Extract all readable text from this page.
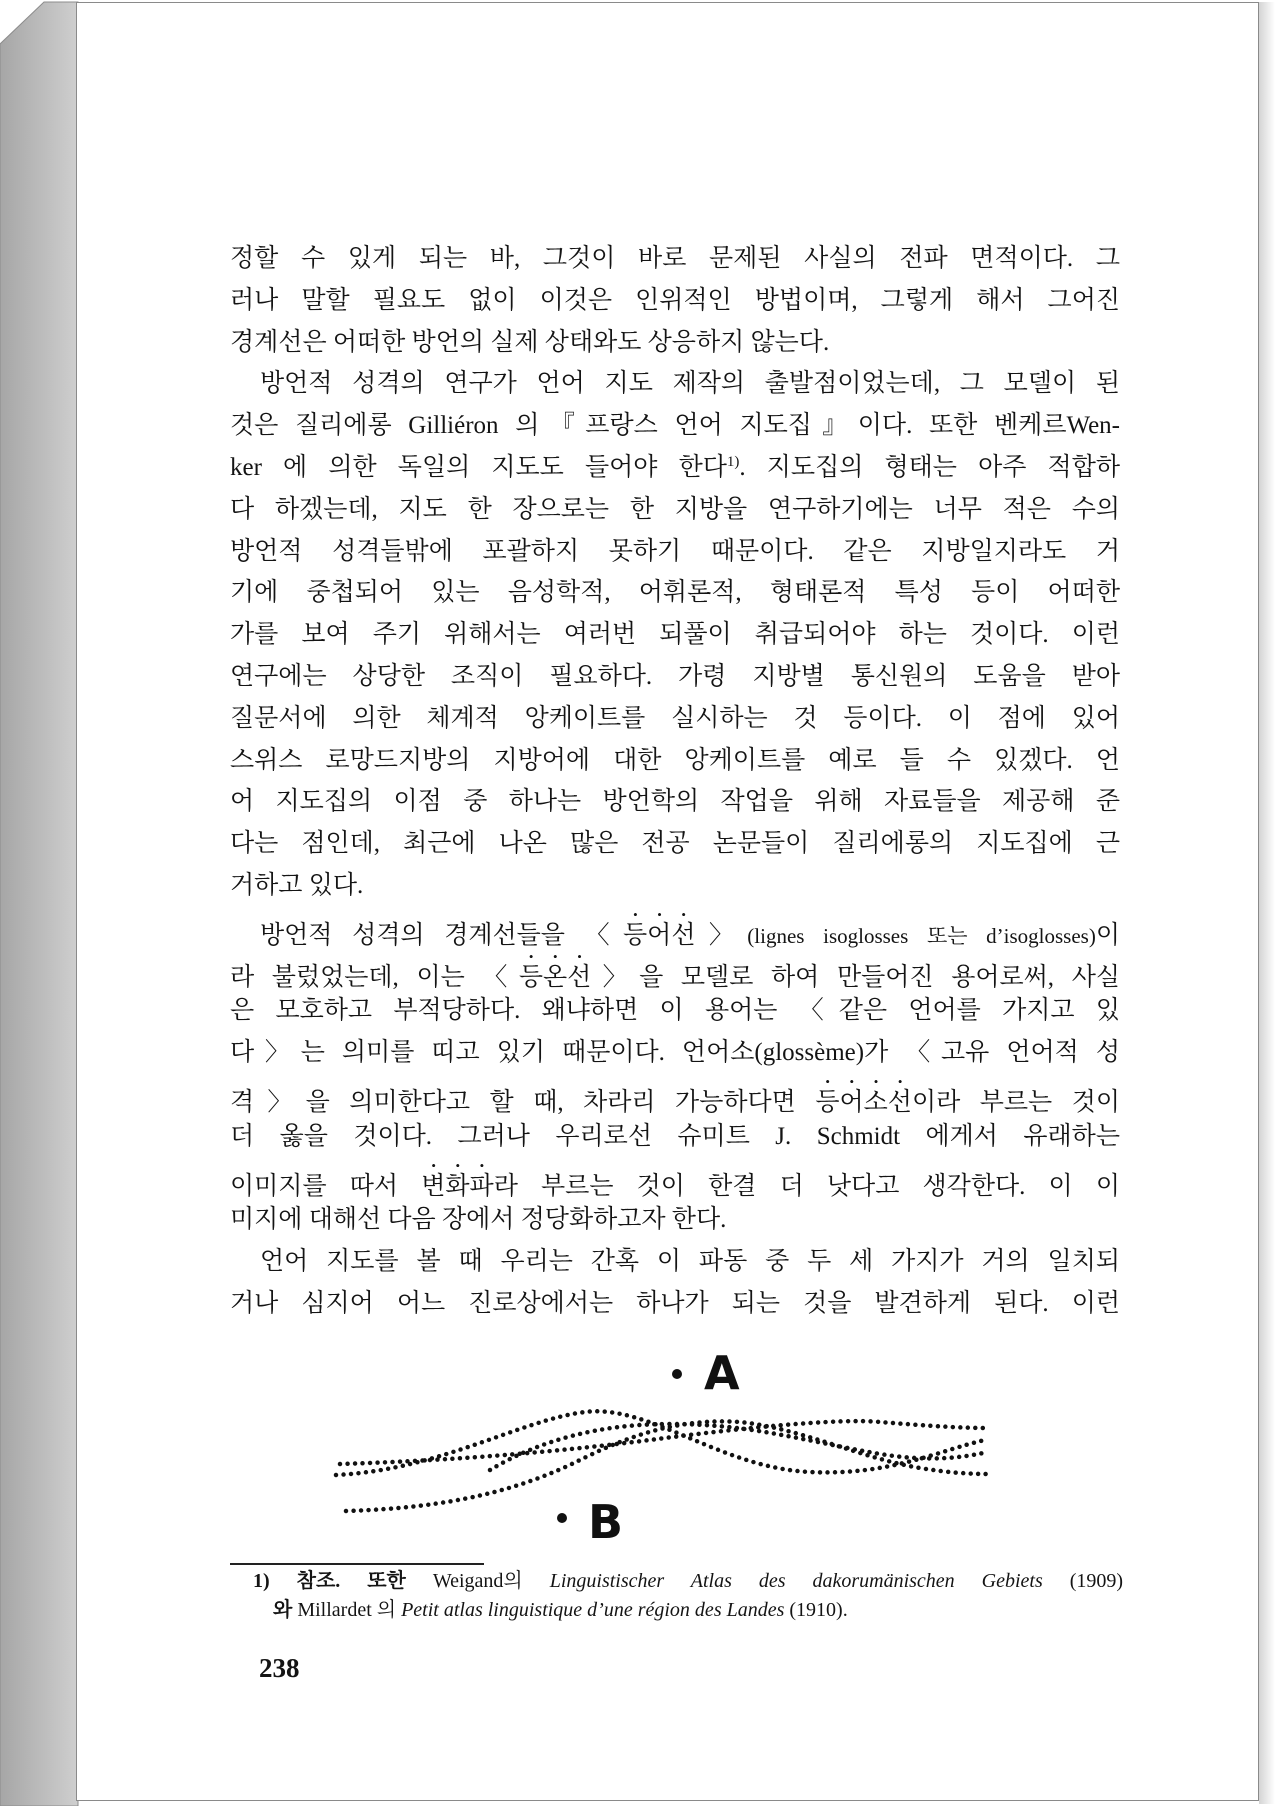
정할 수 있게 되는 바, 그것이 바로 문제된 사실의 전파 면적이다. 그
러나 말할 필요도 없이 이것은 인위적인 방법이며, 그렇게 해서 그어진
경계선은 어떠한 방언의 실제 상태와도 상응하지 않는다.
방언적 성격의 연구가 언어 지도 제작의 출발점이었는데, 그 모델이 된
것은 질리에롱 Gilliéron 의『프랑스 언어 지도집』이다. 또한 벤케르Wen-
ker 에 의한 독일의 지도도 들어야 한다$^{1)}$. 지도집의 형태는 아주 적합하
다 하겠는데, 지도 한 장으로는 한 지방을 연구하기에는 너무 적은 수의
방언적 성격들밖에 포괄하지 못하기 때문이다. 같은 지방일지라도 거
기에 중첩되어 있는 음성학적, 어휘론적, 형태론적 특성 등이 어떠한
가를 보여 주기 위해서는 여러번 되풀이 취급되어야 하는 것이다. 이런
연구에는 상당한 조직이 필요하다. 가령 지방별 통신원의 도움을 받아
질문서에 의한 체계적 앙케이트를 실시하는 것 등이다. 이 점에 있어
스위스 로망드지방의 지방어에 대한 앙케이트를 예로 들 수 있겠다. 언
어 지도집의 이점 중 하나는 방언학의 작업을 위해 자료들을 제공해 준
다는 점인데, 최근에 나온 많은 전공 논문들이 질리에롱의 지도집에 근
거하고 있다.
방언적 성격의 경계선들을 〈등어선〉(lignes isoglosses 또는 d’isoglosses)이
라 불렀었는데, 이는 〈등온선〉을 모델로 하여 만들어진 용어로써, 사실
은 모호하고 부적당하다. 왜냐하면 이 용어는 〈같은 언어를 가지고 있
다〉는 의미를 띠고 있기 때문이다. 언어소(glossème)가 〈고유 언어적 성
격〉을 의미한다고 할 때, 차라리 가능하다면 등어소선이라 부르는 것이
더 옳을 것이다. 그러나 우리로선 슈미트 J. Schmidt 에게서 유래하는
이미지를 따서 변화파라 부르는 것이 한결 더 낫다고 생각한다. 이 이
미지에 대해선 다음 장에서 정당화하고자 한다.
언어 지도를 볼 때 우리는 간혹 이 파동 중 두 세 가지가 거의 일치되
거나 심지어 어느 진로상에서는 하나가 되는 것을 발견하게 된다. 이런
A
B
1) 참조. 또한 Weigand의 Linguistischer Atlas des dakorumänischen Gebiets (1909)
와 Millardet 의 Petit atlas linguistique d’une région des Landes (1910).
238
